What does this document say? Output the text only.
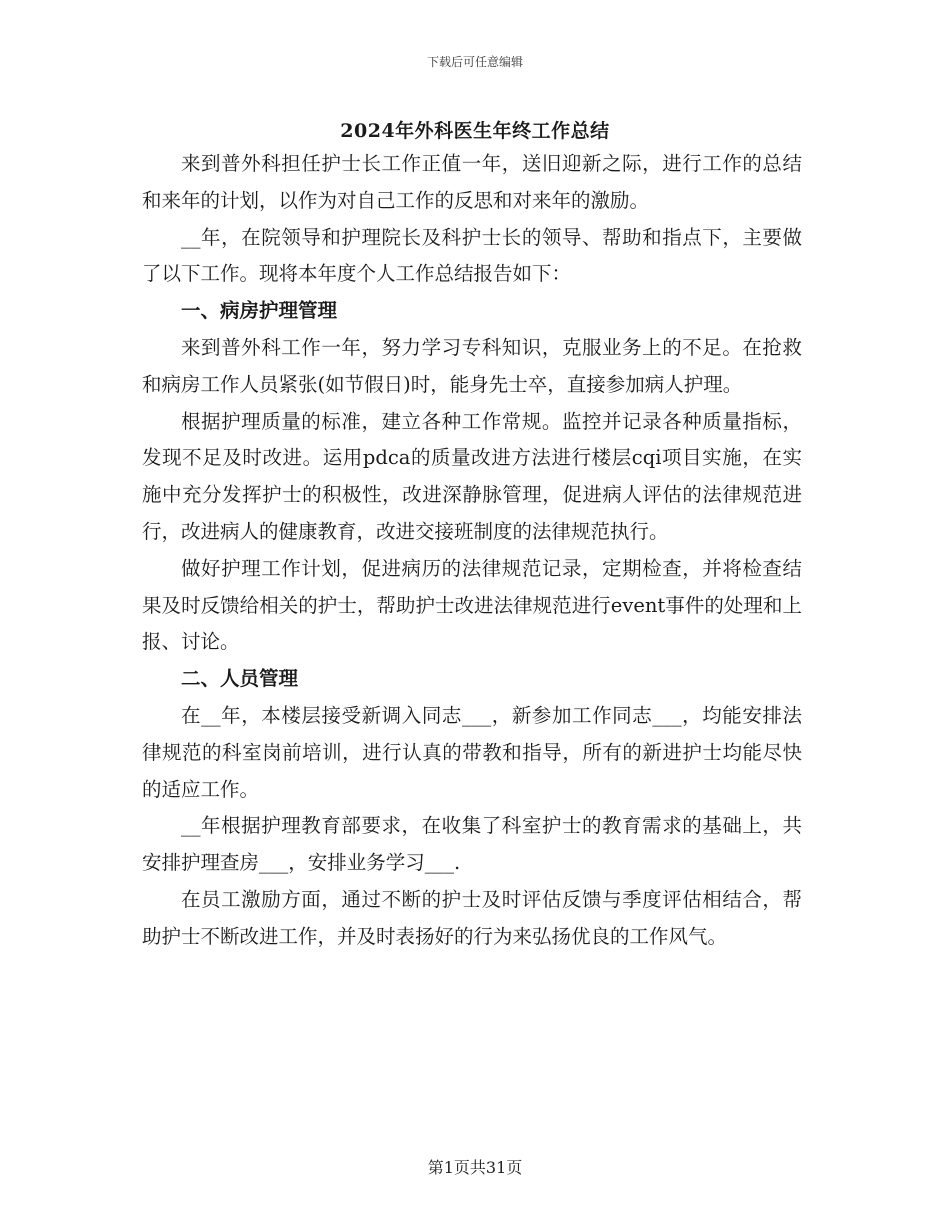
下载后可任意编辑
2024年外科医生年终工作总结

来到普外科担任护士长工作正值一年，送旧迎新之际，进行工作的总结和来年的计划，以作为对自己工作的反思和对来年的激励。

__年，在院领导和护理院长及科护士长的领导、帮助和指点下，主要做了以下工作。现将本年度个人工作总结报告如下：

一、病房护理管理

来到普外科工作一年，努力学习专科知识，克服业务上的不足。在抢救和病房工作人员紧张(如节假日)时，能身先士卒，直接参加病人护理。

根据护理质量的标准，建立各种工作常规。监控并记录各种质量指标，发现不足及时改进。运用pdca的质量改进方法进行楼层cqi项目实施，在实施中充分发挥护士的积极性，改进深静脉管理，促进病人评估的法律规范进行，改进病人的健康教育，改进交接班制度的法律规范执行。

做好护理工作计划，促进病历的法律规范记录，定期检查，并将检查结果及时反馈给相关的护士，帮助护士改进法律规范进行event事件的处理和上报、讨论。

二、人员管理

在__年，本楼层接受新调入同志___，新参加工作同志___，均能安排法律规范的科室岗前培训，进行认真的带教和指导，所有的新进护士均能尽快的适应工作。

__年根据护理教育部要求，在收集了科室护士的教育需求的基础上，共安排护理查房___，安排业务学习___.

在员工激励方面，通过不断的护士及时评估反馈与季度评估相结合，帮助护士不断改进工作，并及时表扬好的行为来弘扬优良的工作风气。

第1页共31页
